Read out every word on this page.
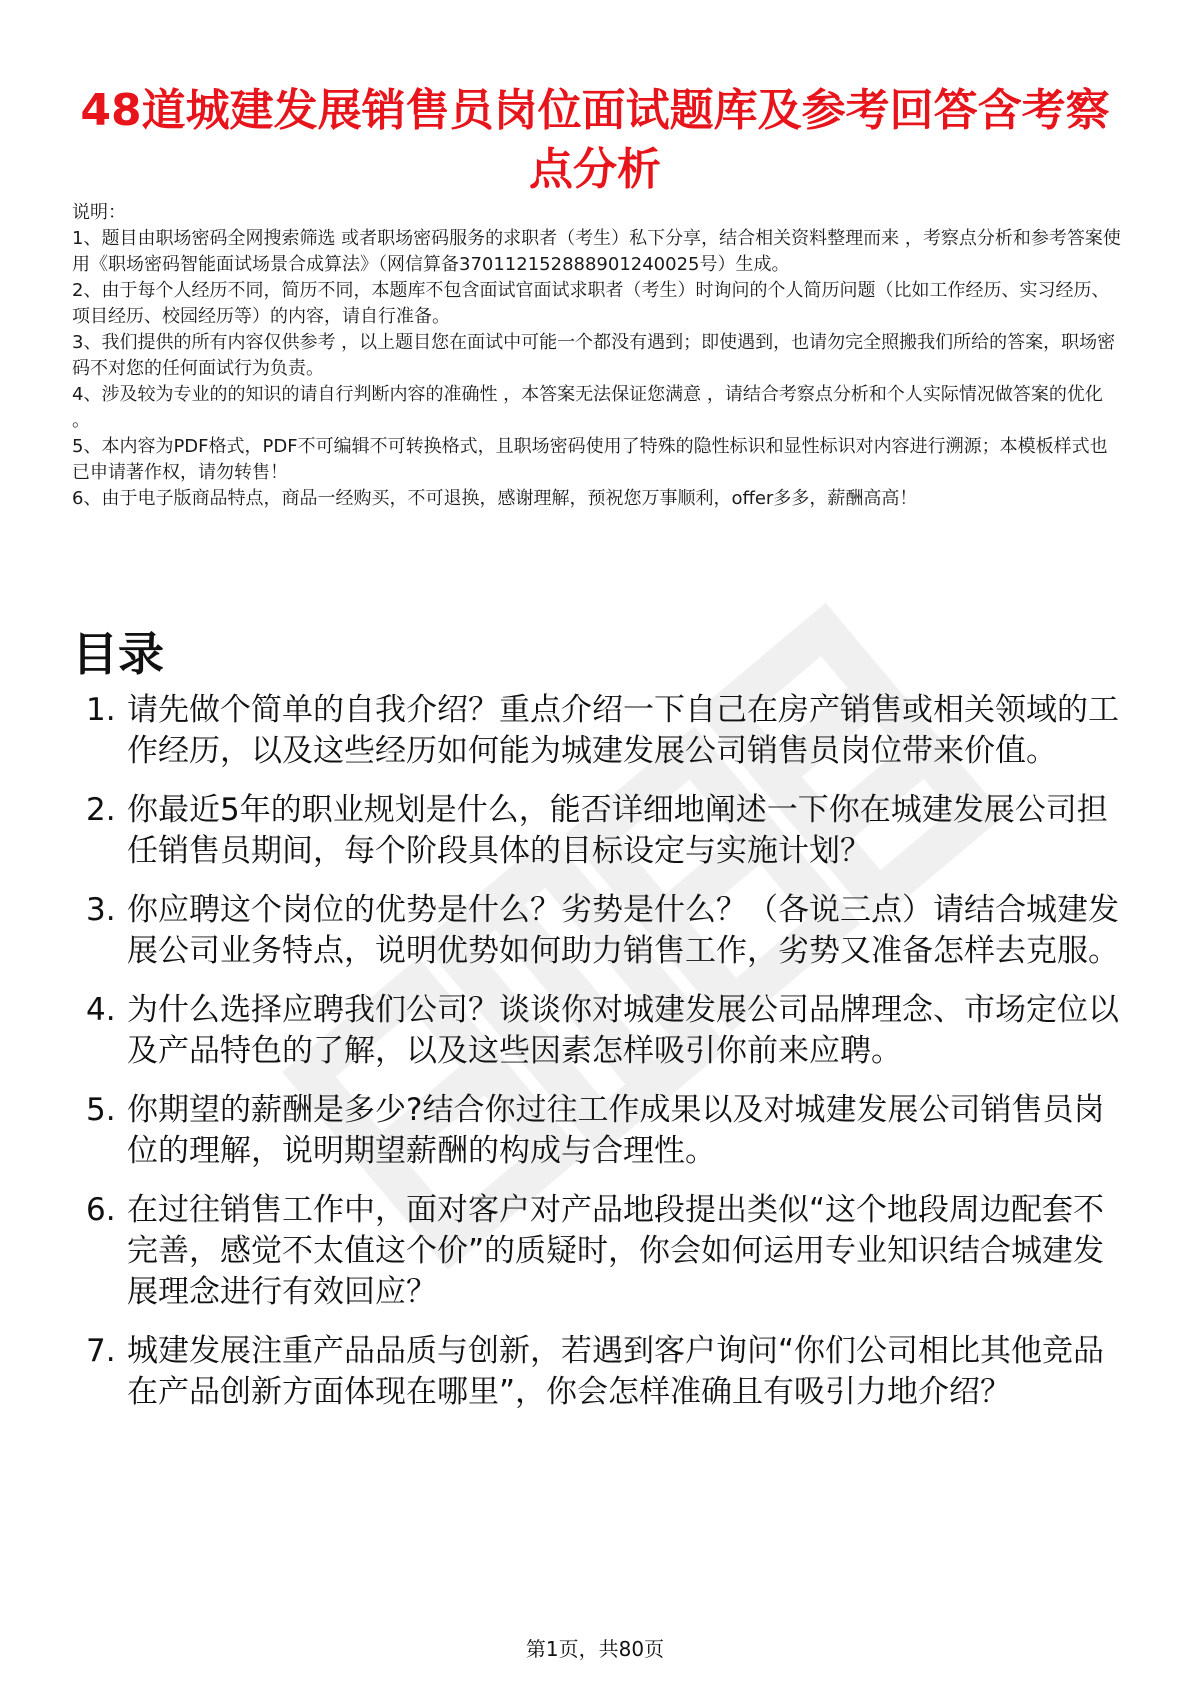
48道城建发展销售员岗位面试题库及参考回答含考察点分析

说明：

1、题目由职场密码全网搜索筛选 或者职场密码服务的求职者（考生）私下分享，结合相关资料整理而来 ，考察点分析和参考答案使用《职场密码智能面试场景合成算法》（网信算备370112152888901240025号）生成。

2、由于每个人经历不同，简历不同，本题库不包含面试官面试求职者（考生）时询问的个人简历问题（比如工作经历、实习经历、项目经历、校园经历等）的内容，请自行准备。

3、我们提供的所有内容仅供参考 ，以上题目您在面试中可能一个都没有遇到；即使遇到，也请勿完全照搬我们所给的答案，职场密码不对您的任何面试行为负责。

4、涉及较为专业的的知识的请自行判断内容的准确性 ，本答案无法保证您满意 ，请结合考察点分析和个人实际情况做答案的优化 。

5、本内容为PDF格式，PDF不可编辑不可转换格式，且职场密码使用了特殊的隐性标识和显性标识对内容进行溯源；本模板样式也已申请著作权，请勿转售！

6、由于电子版商品特点，商品一经购买，不可退换，感谢理解，预祝您万事顺利，offer多多，薪酬高高！

目录
1. 请先做个简单的自我介绍？重点介绍一下自己在房产销售或相关领域的工作经历，以及这些经历如何能为城建发展公司销售员岗位带来价值。
2. 你最近5年的职业规划是什么，能否详细地阐述一下你在城建发展公司担任销售员期间，每个阶段具体的目标设定与实施计划？
3. 你应聘这个岗位的优势是什么？劣势是什么？（各说三点）请结合城建发展公司业务特点，说明优势如何助力销售工作，劣势又准备怎样去克服。
4. 为什么选择应聘我们公司？谈谈你对城建发展公司品牌理念、市场定位以及产品特色的了解，以及这些因素怎样吸引你前来应聘。
5. 你期望的薪酬是多少?结合你过往工作成果以及对城建发展公司销售员岗位的理解，说明期望薪酬的构成与合理性。
6. 在过往销售工作中，面对客户对产品地段提出类似“这个地段周边配套不完善，感觉不太值这个价”的质疑时，你会如何运用专业知识结合城建发展理念进行有效回应？
7. 城建发展注重产品品质与创新，若遇到客户询问“你们公司相比其他竞品在产品创新方面体现在哪里”，你会怎样准确且有吸引力地介绍？
第1页，共80页
